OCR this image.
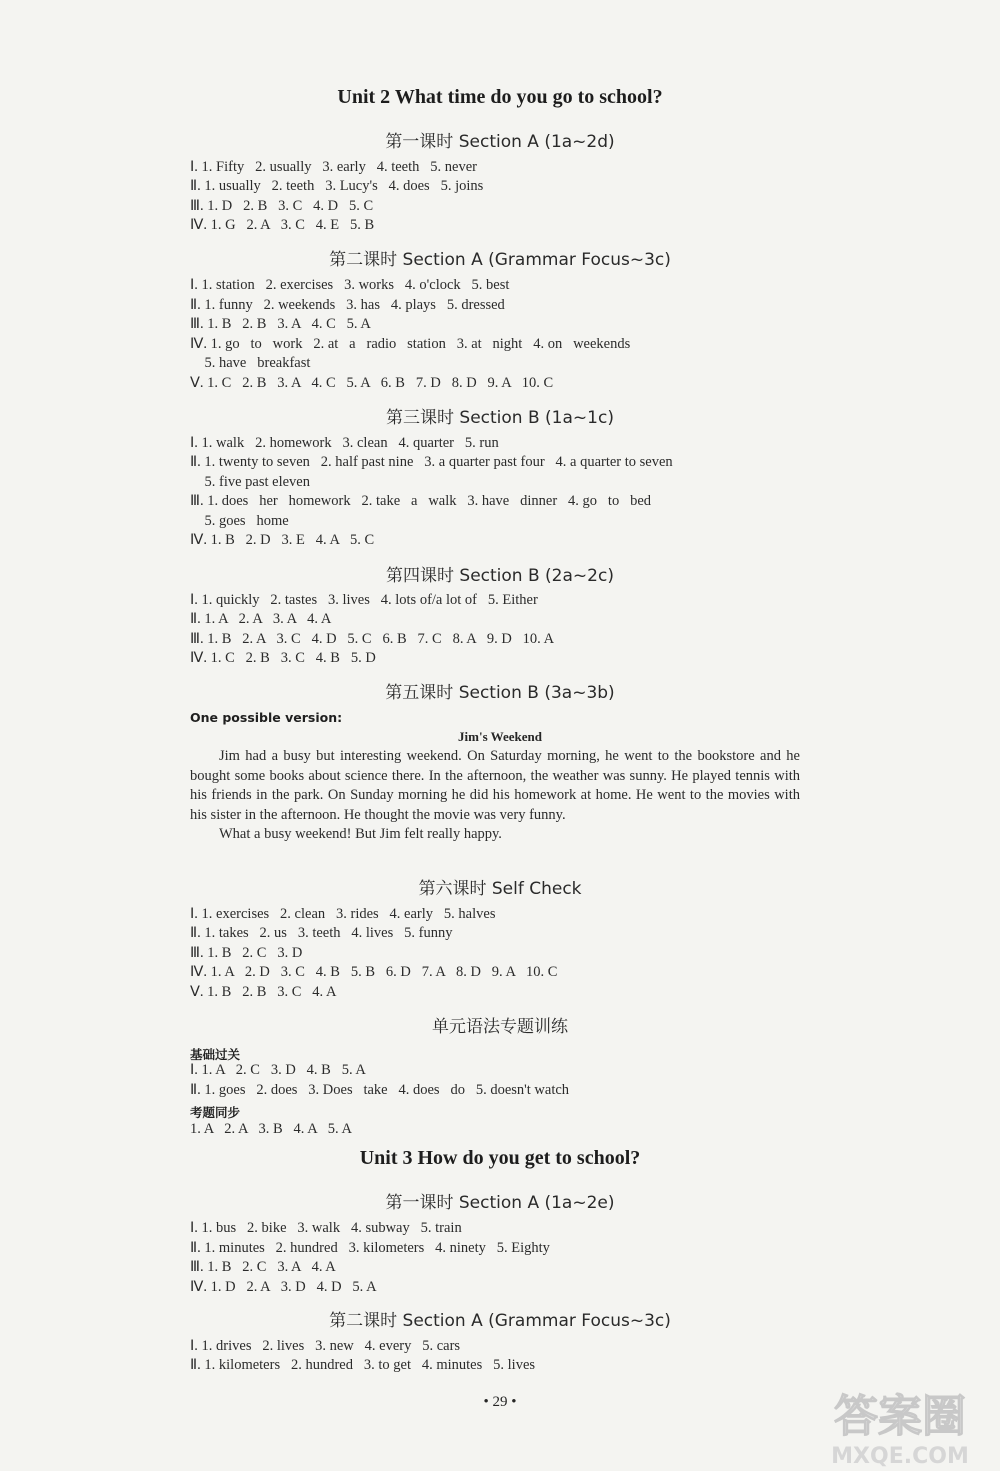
Unit 2 What time do you go to school?
第一课时 Section A (1a~2d)
Ⅰ. 1. Fifty   2. usually   3. early   4. teeth   5. never
Ⅱ. 1. usually   2. teeth   3. Lucy's   4. does   5. joins
Ⅲ. 1. D   2. B   3. C   4. D   5. C
Ⅳ. 1. G   2. A   3. C   4. E   5. B
第二课时 Section A (Grammar Focus~3c)
Ⅰ. 1. station   2. exercises   3. works   4. o'clock   5. best
Ⅱ. 1. funny   2. weekends   3. has   4. plays   5. dressed
Ⅲ. 1. B   2. B   3. A   4. C   5. A
Ⅳ. 1. go   to   work   2. at   a   radio   station   3. at   night   4. on   weekends
5. have   breakfast
Ⅴ. 1. C   2. B   3. A   4. C   5. A   6. B   7. D   8. D   9. A   10. C
第三课时 Section B (1a~1c)
Ⅰ. 1. walk   2. homework   3. clean   4. quarter   5. run
Ⅱ. 1. twenty to seven   2. half past nine   3. a quarter past four   4. a quarter to seven
5. five past eleven
Ⅲ. 1. does   her   homework   2. take   a   walk   3. have   dinner   4. go   to   bed
5. goes   home
Ⅳ. 1. B   2. D   3. E   4. A   5. C
第四课时 Section B (2a~2c)
Ⅰ. 1. quickly   2. tastes   3. lives   4. lots of/a lot of   5. Either
Ⅱ. 1. A   2. A   3. A   4. A
Ⅲ. 1. B   2. A   3. C   4. D   5. C   6. B   7. C   8. A   9. D   10. A
Ⅳ. 1. C   2. B   3. C   4. B   5. D
第五课时 Section B (3a~3b)
One possible version:
Jim's Weekend

Jim had a busy but interesting weekend. On Saturday morning, he went to the bookstore and he bought some books about science there. In the afternoon, the weather was sunny. He played tennis with his friends in the park. On Sunday morning he did his homework at home. He went to the movies with his sister in the afternoon. He thought the movie was very funny.

What a busy weekend! But Jim felt really happy.

第六课时 Self Check
Ⅰ. 1. exercises   2. clean   3. rides   4. early   5. halves
Ⅱ. 1. takes   2. us   3. teeth   4. lives   5. funny
Ⅲ. 1. B   2. C   3. D
Ⅳ. 1. A   2. D   3. C   4. B   5. B   6. D   7. A   8. D   9. A   10. C
Ⅴ. 1. B   2. B   3. C   4. A
单元语法专题训练
基础过关
Ⅰ. 1. A   2. C   3. D   4. B   5. A
Ⅱ. 1. goes   2. does   3. Does   take   4. does   do   5. doesn't watch
考题同步
1. A   2. A   3. B   4. A   5. A
Unit 3 How do you get to school?
第一课时 Section A (1a~2e)
Ⅰ. 1. bus   2. bike   3. walk   4. subway   5. train
Ⅱ. 1. minutes   2. hundred   3. kilometers   4. ninety   5. Eighty
Ⅲ. 1. B   2. C   3. A   4. A
Ⅳ. 1. D   2. A   3. D   4. D   5. A
第二课时 Section A (Grammar Focus~3c)
Ⅰ. 1. drives   2. lives   3. new   4. every   5. cars
Ⅱ. 1. kilometers   2. hundred   3. to get   4. minutes   5. lives
• 29 •	答案圈
MXQE.COM
